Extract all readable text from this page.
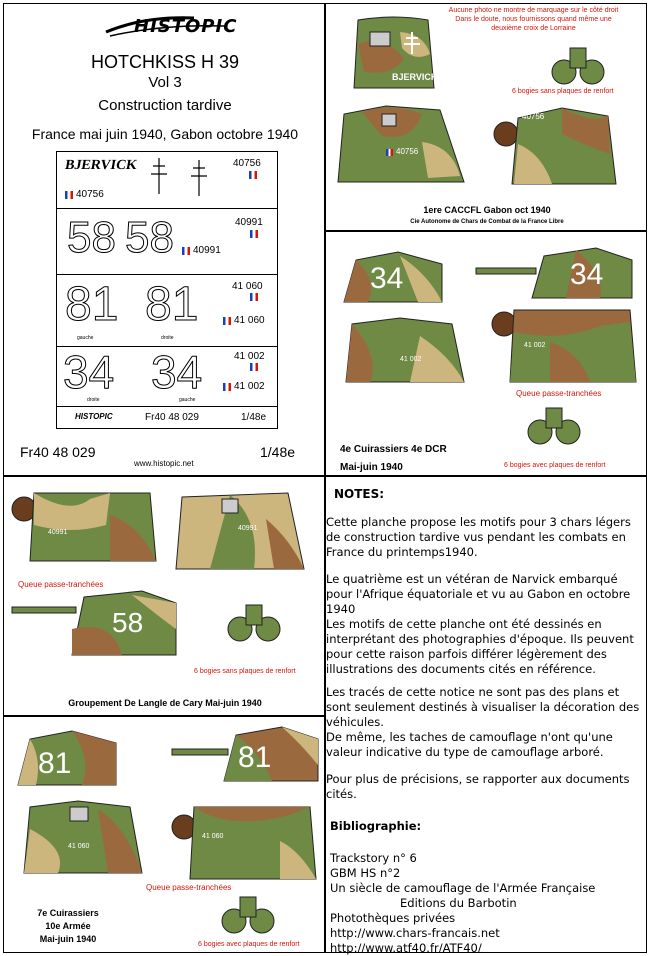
HISTOPIC
HOTCHKISS H 39
Vol 3
Construction tardive
France mai juin 1940, Gabon octobre 1940
BJERVICK	40756
40756
58 58	40991
40991
81 81
gauche	droite
41 060
41 060
34 34
droite	gauche
41 002
41 002
HISTOPIC	Fr40 48 029	1/48e
Fr40 48 029
www.histopic.net
1/48e
Aucune photo ne montre de marquage sur le côté droit
Dans le doute, nous fournissons quand même une
deuxième croix de Lorraine
BJERVICK
6 bogies sans plaques de renfort
40756
40756
1ere CACCFL Gabon oct 1940
Cie Autonome de Chars de Combat de la France Libre
34	34
41 002
41 002
Queue passe-tranchées
4e Cuirassiers 4e DCR
Mai-juin 1940	6 bogies avec plaques de renfort
40991
40991
Queue passe-tranchées
58
6 bogies sans plaques de renfort
Groupement De Langle de Cary Mai-juin 1940
81	81
41 060
41 060
Queue passe-tranchées
7e Cuirassiers
10e Armée
Mai-juin 1940
6 bogies avec plaques de renfort
NOTES:

Cette planche propose les motifs pour 3 chars légers de construction tardive vus pendant les combats en France du printemps1940.

Le quatrième est un vétéran de Narvick embarqué pour l'Afrique équatoriale et vu au Gabon en octobre 1940

Les motifs de cette planche ont été dessinés en interprétant des photographies d'époque. Ils peuvent pour cette raison parfois différer légèrement des illustrations des documents cités en référence.

Les tracés de cette notice ne sont pas des plans et sont seulement destinés à visualiser la décoration des véhicules.

De même, les taches de camouflage n'ont qu'une valeur indicative du type de camouflage arboré.

Pour plus de précisions, se rapporter aux documents cités.

Bibliographie:
Trackstory n° 6
GBM HS n°2
Un siècle de camouflage de l'Armée Française
Editions du Barbotin
Photothèques privées
http://www.chars-francais.net
http://www.atf40.fr/ATF40/
